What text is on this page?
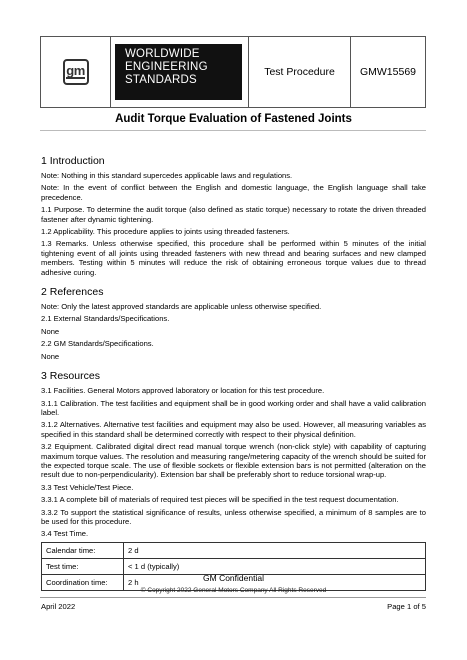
gm
WORLDWIDE
ENGINEERING
STANDARDS
Test Procedure	GMW15569
Audit Torque Evaluation of Fastened Joints
1 Introduction

Note: Nothing in this standard supercedes applicable laws and regulations.

Note: In the event of conflict between the English and domestic language, the English language shall take precedence.

1.1 Purpose. To determine the audit torque (also defined as static torque) necessary to rotate the driven threaded fastener after dynamic tightening.

1.2 Applicability. This procedure applies to joints using threaded fasteners.

1.3 Remarks. Unless otherwise specified, this procedure shall be performed within 5 minutes of the initial tightening event of all joints using threaded fasteners with new thread and bearing surfaces and new clamped members. Testing within 5 minutes will reduce the risk of obtaining erroneous torque values due to thread adhesive curing.

2 References

Note: Only the latest approved standards are applicable unless otherwise specified.

2.1 External Standards/Specifications.

None

2.2 GM Standards/Specifications.

None

3 Resources

3.1 Facilities. General Motors approved laboratory or location for this test procedure.

3.1.1 Calibration. The test facilities and equipment shall be in good working order and shall have a valid calibration label.

3.1.2 Alternatives. Alternative test facilities and equipment may also be used. However, all measuring variables as specified in this standard shall be determined correctly with respect to their physical definition.

3.2 Equipment. Calibrated digital direct read manual torque wrench (non-click style) with capability of capturing maximum torque values. The resolution and measuring range/metering capacity of the wrench should be suited for the expected torque scale. The use of flexible sockets or flexible extension bars is not permitted (alteration on the result due to non-perpendicularity). Extension bar shall be preferably short to reduce torsional wrap-up.

3.3 Test Vehicle/Test Piece.

3.3.1 A complete bill of materials of required test pieces will be specified in the test request documentation.

3.3.2 To support the statistical significance of results, unless otherwise specified, a minimum of 8 samples are to be used for this procedure.

3.4 Test Time.

Calendar time:	2 d
Test time:	< 1 d (typically)
Coordination time:	2 h	GM Confidential
© Copyright 2022 General Motors Company All Rights Reserved
April 2022	Page 1 of 5
